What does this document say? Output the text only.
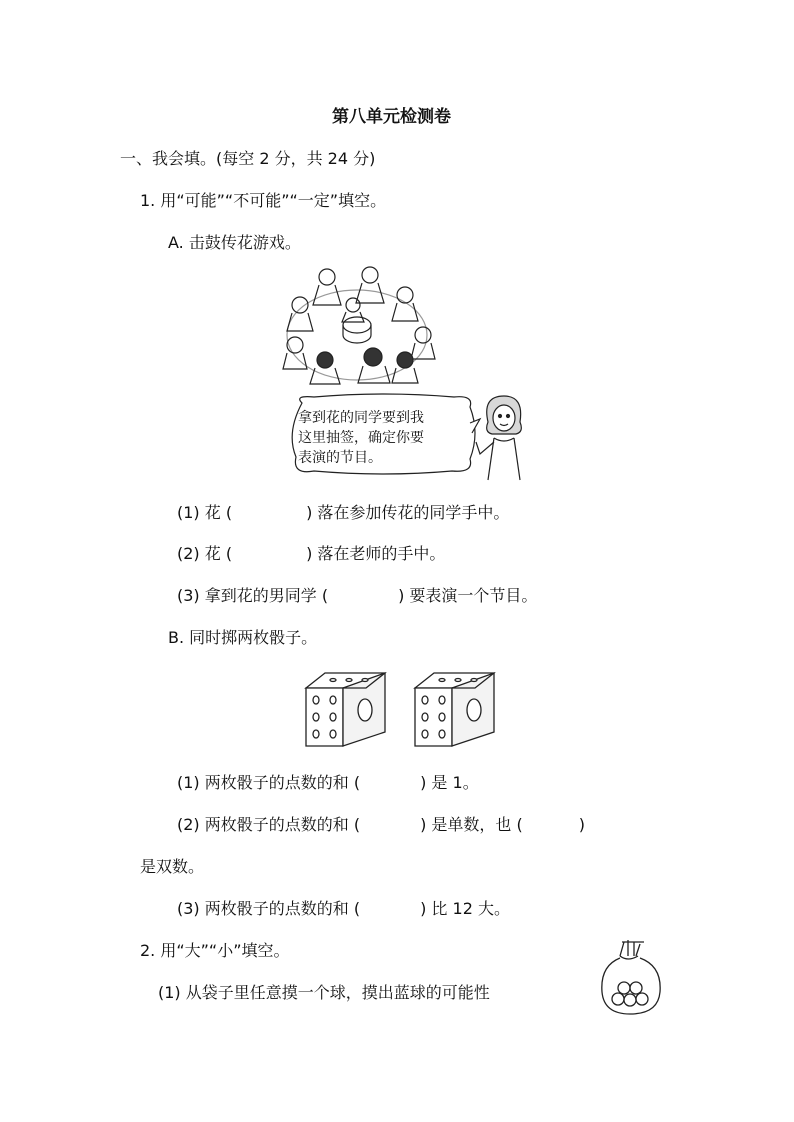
第八单元检测卷
一、我会填。(每空 2 分，共 24 分)
1. 用“可能”“不可能”“一定”填空。
A. 击鼓传花游戏。
拿到花的同学要到我
这里抽签，确定你要
表演的节目。
(1) 花 (	) 落在参加传花的同学手中。
(2) 花 (	) 落在老师的手中。
(3) 拿到花的男同学 (	) 要表演一个节目。
B. 同时掷两枚骰子。
(1) 两枚骰子的点数的和 (	) 是 1。
(2) 两枚骰子的点数的和 (	) 是单数，也 (	)
是双数。
(3) 两枚骰子的点数的和 (	) 比 12 大。
2. 用“大”“小”填空。
(1) 从袋子里任意摸一个球，摸出蓝球的可能性
